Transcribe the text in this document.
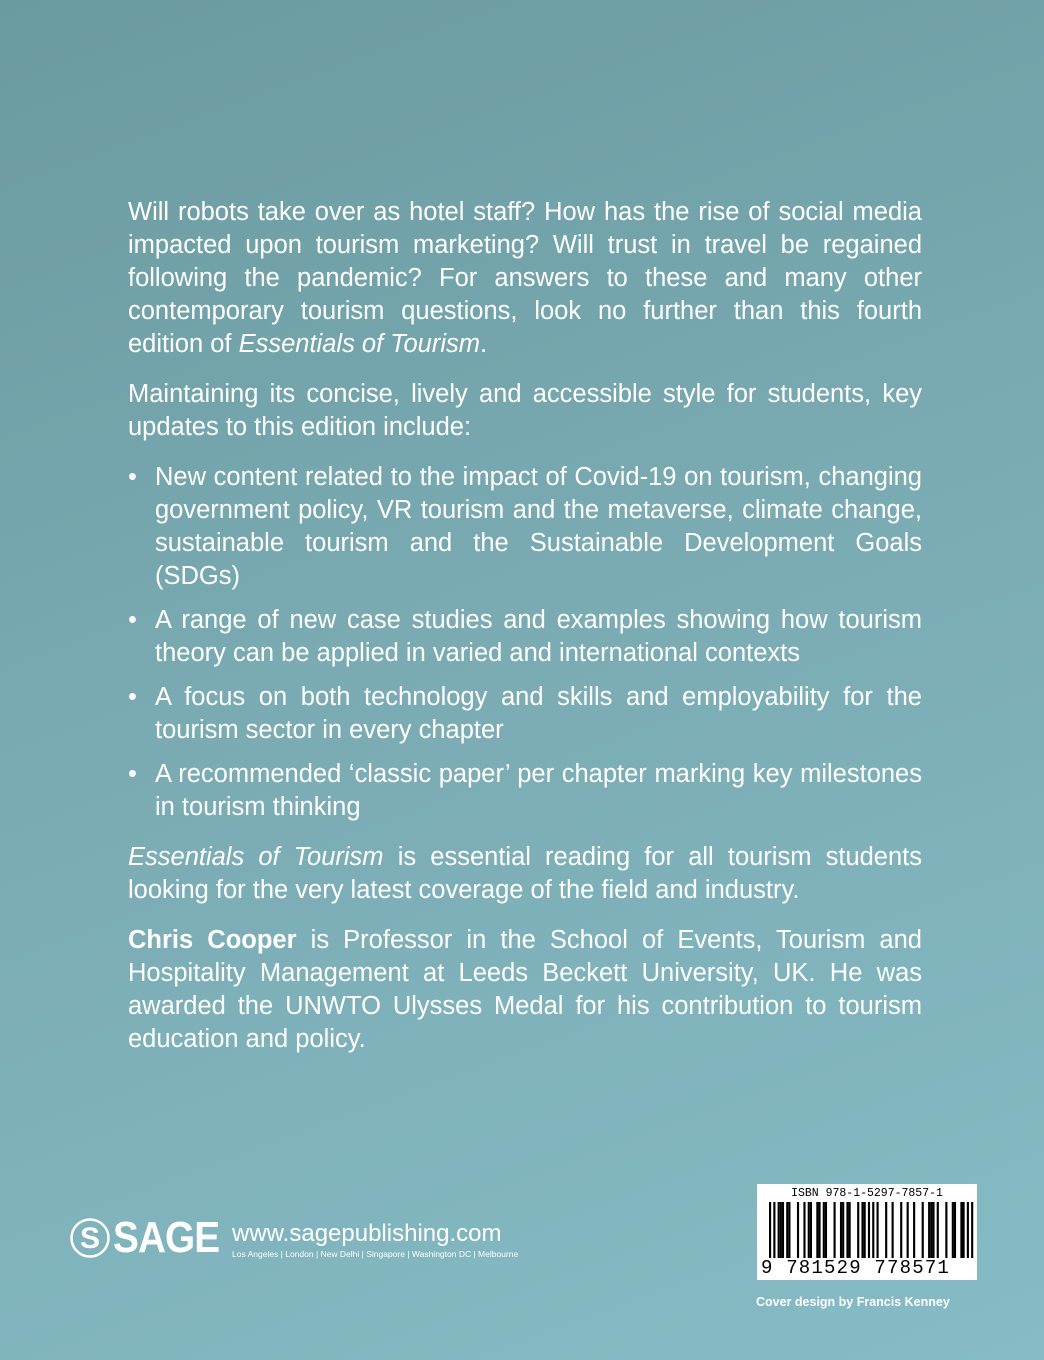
Will robots take over as hotel staff? How has the rise of social media impacted upon tourism marketing? Will trust in travel be regained following the pandemic? For answers to these and many other contemporary tourism questions, look no further than this fourth edition of Essentials of Tourism.

Maintaining its concise, lively and accessible style for students, key updates to this edition include:

• New content related to the impact of Covid-19 on tourism, changing government policy, VR tourism and the metaverse, climate change, sustainable tourism and the Sustainable Development Goals (SDGs)
• A range of new case studies and examples showing how tourism theory can be applied in varied and international contexts
• A focus on both technology and skills and employability for the tourism sector in every chapter
• A recommended ‘classic paper’ per chapter marking key milestones in tourism thinking

Essentials of Tourism is essential reading for all tourism students looking for the very latest coverage of the field and industry.

Chris Cooper is Professor in the School of Events, Tourism and Hospitality Management at Leeds Beckett University, UK. He was awarded the UNWTO Ulysses Medal for his contribution to tourism education and policy.

S SAGE www.sagepublishing.com
Los Angeles | London | New Delhi | Singapore | Washington DC | Melbourne
ISBN 978-1-5297-7857-1
9 781529 778571
Cover design by Francis Kenney
